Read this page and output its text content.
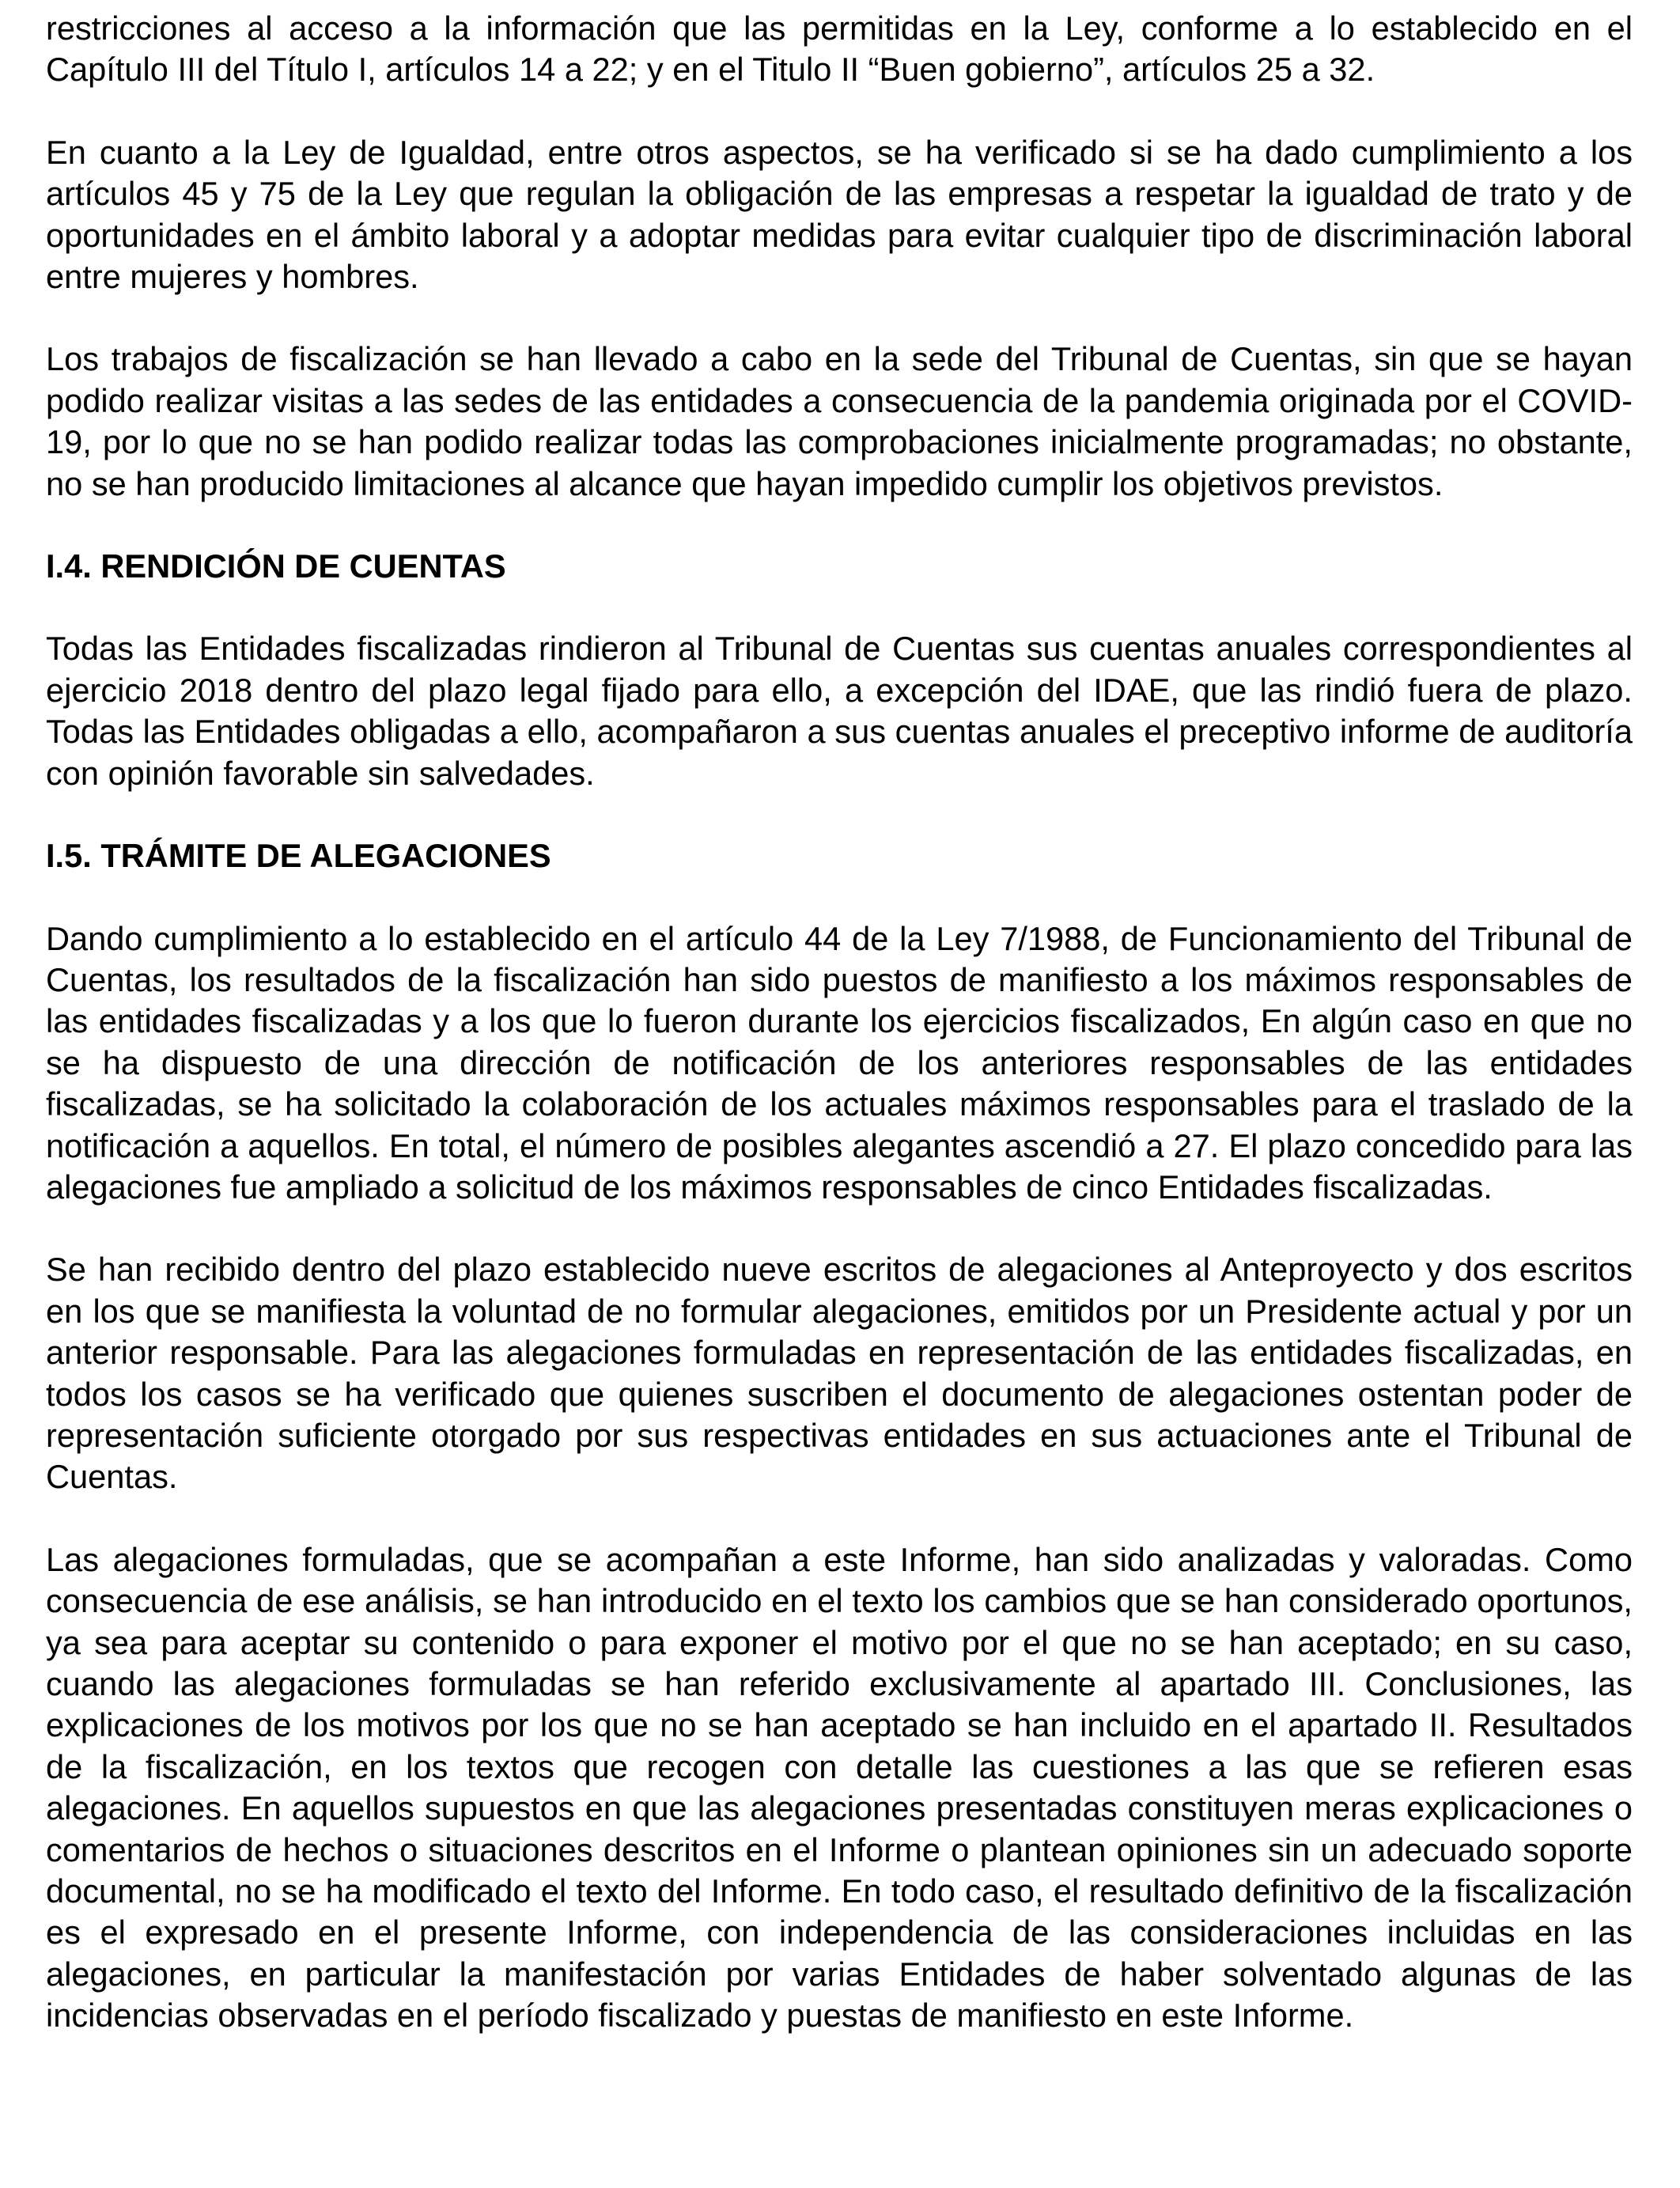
restricciones al acceso a la información que las permitidas en la Ley, conforme a lo establecido en el Capítulo III del Título I, artículos 14 a 22; y en el Titulo II “Buen gobierno”, artículos 25 a 32.

En cuanto a la Ley de Igualdad, entre otros aspectos, se ha verificado si se ha dado cumplimiento a los artículos 45 y 75 de la Ley que regulan la obligación de las empresas a respetar la igualdad de trato y de oportunidades en el ámbito laboral y a adoptar medidas para evitar cualquier tipo de discriminación laboral entre mujeres y hombres.

Los trabajos de fiscalización se han llevado a cabo en la sede del Tribunal de Cuentas, sin que se hayan podido realizar visitas a las sedes de las entidades a consecuencia de la pandemia originada por el COVID-19, por lo que no se han podido realizar todas las comprobaciones inicialmente programadas; no obstante, no se han producido limitaciones al alcance que hayan impedido cumplir los objetivos previstos.

I.4. RENDICIÓN DE CUENTAS

Todas las Entidades fiscalizadas rindieron al Tribunal de Cuentas sus cuentas anuales correspondientes al ejercicio 2018 dentro del plazo legal fijado para ello, a excepción del IDAE, que las rindió fuera de plazo. Todas las Entidades obligadas a ello, acompañaron a sus cuentas anuales el preceptivo informe de auditoría con opinión favorable sin salvedades.

I.5. TRÁMITE DE ALEGACIONES

Dando cumplimiento a lo establecido en el artículo 44 de la Ley 7/1988, de Funcionamiento del Tribunal de Cuentas, los resultados de la fiscalización han sido puestos de manifiesto a los máximos responsables de las entidades fiscalizadas y a los que lo fueron durante los ejercicios fiscalizados, En algún caso en que no se ha dispuesto de una dirección de notificación de los anteriores responsables de las entidades fiscalizadas, se ha solicitado la colaboración de los actuales máximos responsables para el traslado de la notificación a aquellos. En total, el número de posibles alegantes ascendió a 27. El plazo concedido para las alegaciones fue ampliado a solicitud de los máximos responsables de cinco Entidades fiscalizadas.

Se han recibido dentro del plazo establecido nueve escritos de alegaciones al Anteproyecto y dos escritos en los que se manifiesta la voluntad de no formular alegaciones, emitidos por un Presidente actual y por un anterior responsable. Para las alegaciones formuladas en representación de las entidades fiscalizadas, en todos los casos se ha verificado que quienes suscriben el documento de alegaciones ostentan poder de representación suficiente otorgado por sus respectivas entidades en sus actuaciones ante el Tribunal de Cuentas.

Las alegaciones formuladas, que se acompañan a este Informe, han sido analizadas y valoradas. Como consecuencia de ese análisis, se han introducido en el texto los cambios que se han considerado oportunos, ya sea para aceptar su contenido o para exponer el motivo por el que no se han aceptado; en su caso, cuando las alegaciones formuladas se han referido exclusivamente al apartado III. Conclusiones, las explicaciones de los motivos por los que no se han aceptado se han incluido en el apartado II. Resultados de la fiscalización, en los textos que recogen con detalle las cuestiones a las que se refieren esas alegaciones. En aquellos supuestos en que las alegaciones presentadas constituyen meras explicaciones o comentarios de hechos o situaciones descritos en el Informe o plantean opiniones sin un adecuado soporte documental, no se ha modificado el texto del Informe. En todo caso, el resultado definitivo de la fiscalización es el expresado en el presente Informe, con independencia de las consideraciones incluidas en las alegaciones, en particular la manifestación por varias Entidades de haber solventado algunas de las incidencias observadas en el período fiscalizado y puestas de manifiesto en este Informe.
